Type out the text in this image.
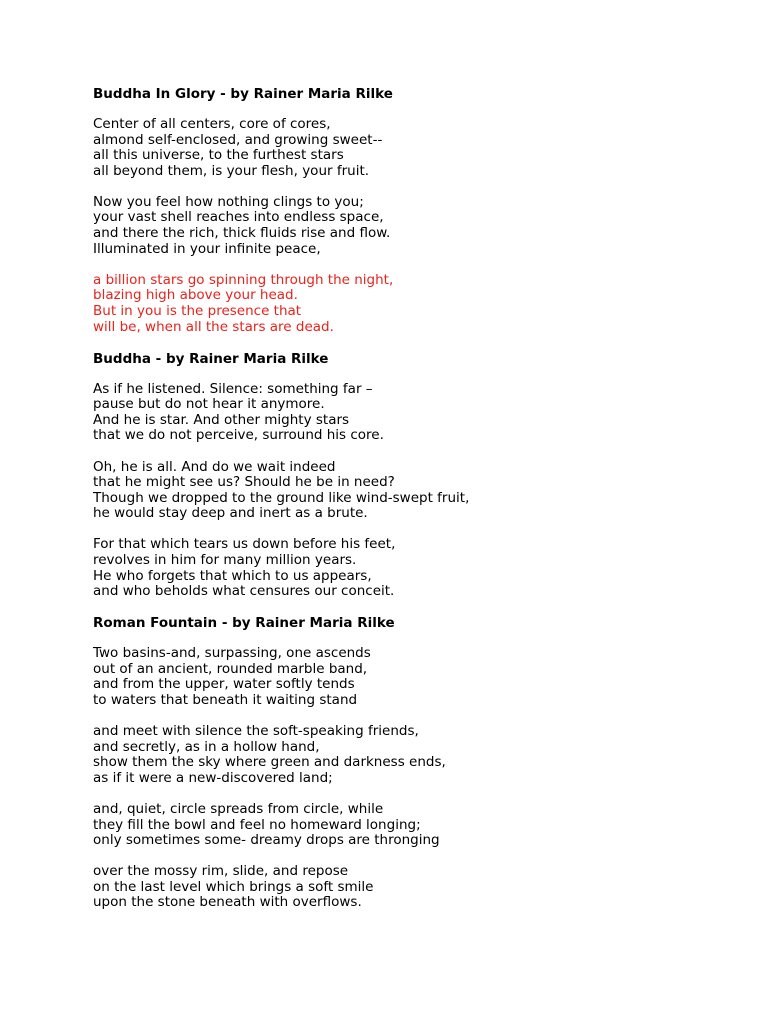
Buddha In Glory - by Rainer Maria Rilke
Center of all centers, core of cores,
almond self-enclosed, and growing sweet--
all this universe, to the furthest stars
all beyond them, is your flesh, your fruit.
Now you feel how nothing clings to you;
your vast shell reaches into endless space,
and there the rich, thick fluids rise and flow.
Illuminated in your infinite peace,
a billion stars go spinning through the night,
blazing high above your head.
But in you is the presence that
will be, when all the stars are dead.
Buddha - by Rainer Maria Rilke
As if he listened. Silence: something far –
pause but do not hear it anymore.
And he is star. And other mighty stars
that we do not perceive, surround his core.
Oh, he is all. And do we wait indeed
that he might see us? Should he be in need?
Though we dropped to the ground like wind-swept fruit,
he would stay deep and inert as a brute.
For that which tears us down before his feet,
revolves in him for many million years.
He who forgets that which to us appears,
and who beholds what censures our conceit.
Roman Fountain - by Rainer Maria Rilke
Two basins-and, surpassing, one ascends
out of an ancient, rounded marble band,
and from the upper, water softly tends
to waters that beneath it waiting stand
and meet with silence the soft-speaking friends,
and secretly, as in a hollow hand,
show them the sky where green and darkness ends,
as if it were a new-discovered land;
and, quiet, circle spreads from circle, while
they fill the bowl and feel no homeward longing;
only sometimes some- dreamy drops are thronging
over the mossy rim, slide, and repose
on the last level which brings a soft smile
upon the stone beneath with overflows.
